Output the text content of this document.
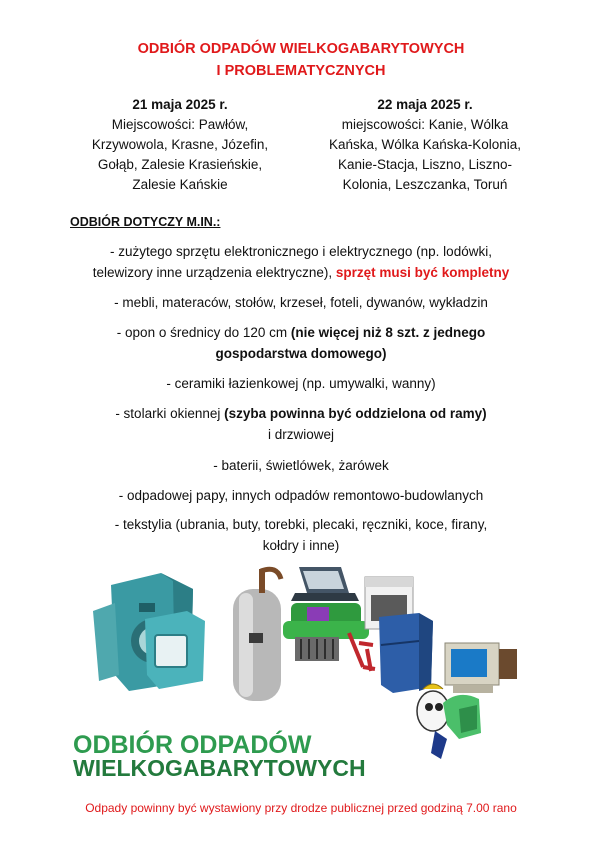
ODBIÓR ODPADÓW WIELKOGABARYTOWYCH
I PROBLEMATYCZNYCH
21 maja 2025 r.
Miejscowości: Pawłów,
Krzywowola, Krasne, Józefin,
Gołąb, Zalesie Krasieńskie,
Zalesie Kańskie
22 maja 2025 r.
miejscowości: Kanie, Wólka
Kańska, Wólka Kańska-Kolonia,
Kanie-Stacja, Liszno, Liszno-
Kolonia, Leszczanka, Toruń
ODBIÓR DOTYCZY M.IN.:
- zużytego sprzętu elektronicznego i elektrycznego (np. lodówki,
telewizory inne urządzenia elektryczne), sprzęt musi być kompletny
- mebli, materaców, stołów, krzeseł, foteli, dywanów, wykładzin
- opon o średnicy do 120 cm (nie więcej niż 8 szt. z jednego
gospodarstwa domowego)
- ceramiki łazienkowej (np. umywalki, wanny)
- stolarki okiennej (szyba powinna być oddzielona od ramy)
i drzwiowej
- baterii, świetlówek, żarówek
- odpadowej papy, innych odpadów remontowo-budowlanych
- tekstylia (ubrania, buty, torebki, plecaki, ręczniki, koce, firany,
kołdry i inne)
ODBIÓR ODPADÓW
WIELKOGABARYTOWYCH
Odpady powinny być wystawiony przy drodze publicznej przed godziną 7.00 rano
